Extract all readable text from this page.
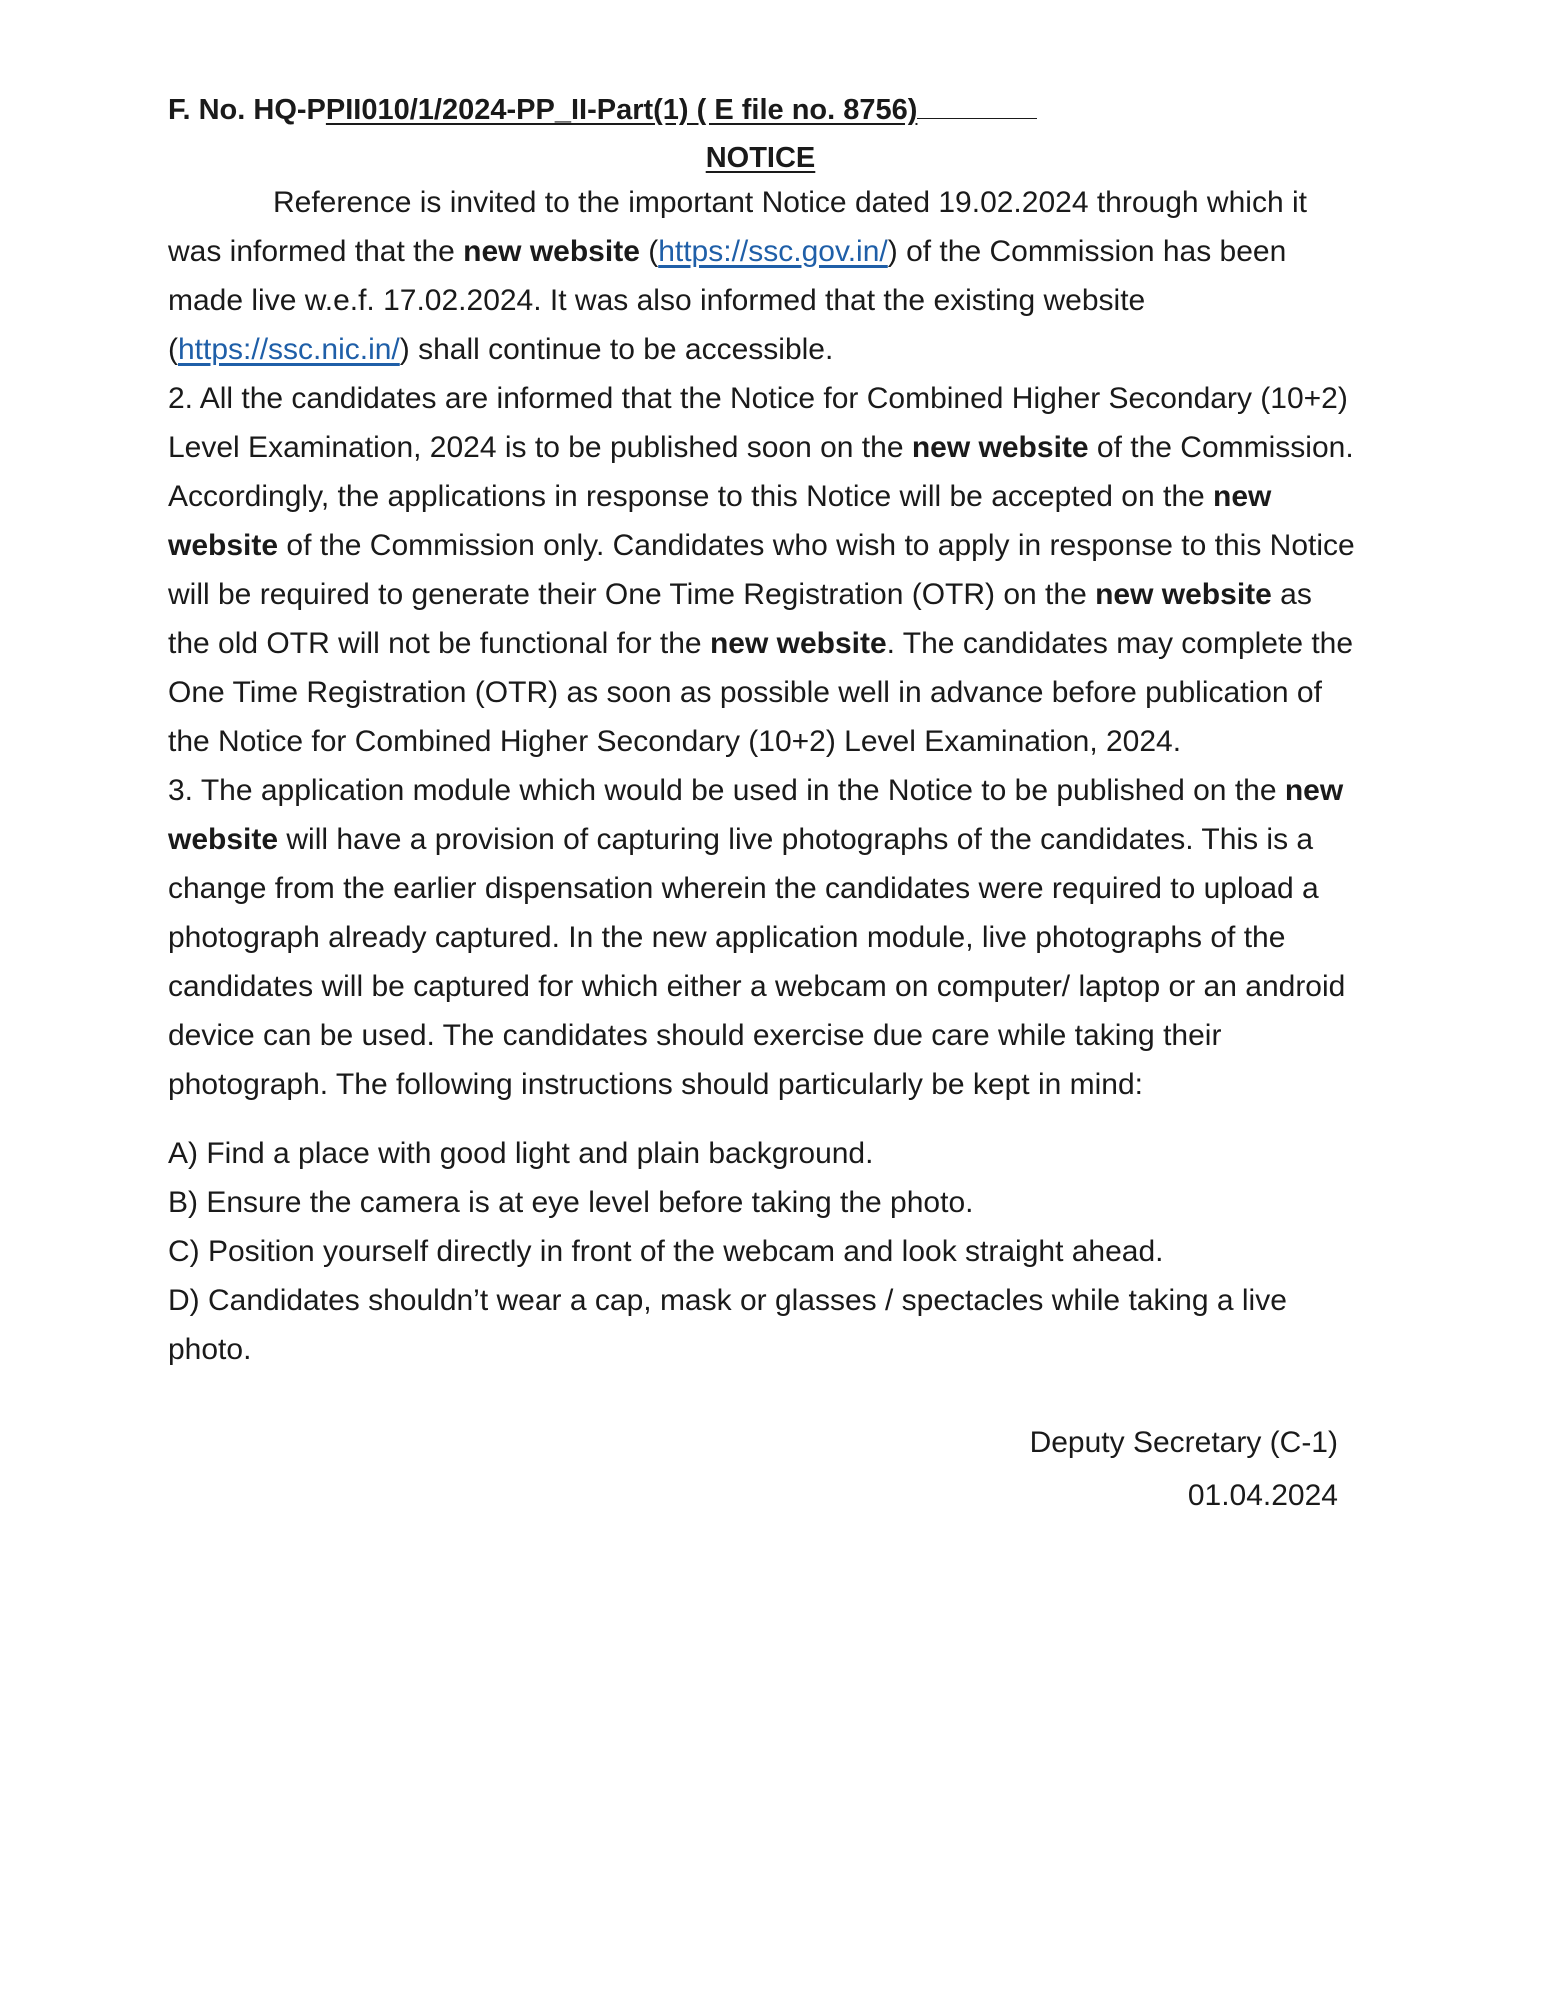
F. No. HQ-PPII010/1/2024-PP_II-Part(1) ( E file no. 8756)
NOTICE

Reference is invited to the important Notice dated 19.02.2024 through which it was informed that the new website (https://ssc.gov.in/) of the Commission has been made live w.e.f. 17.02.2024. It was also informed that the existing website (https://ssc.nic.in/) shall continue to be accessible.

2. All the candidates are informed that the Notice for Combined Higher Secondary (10+2) Level Examination, 2024 is to be published soon on the new website of the Commission. Accordingly, the applications in response to this Notice will be accepted on the new website of the Commission only. Candidates who wish to apply in response to this Notice will be required to generate their One Time Registration (OTR) on the new website as the old OTR will not be functional for the new website. The candidates may complete the One Time Registration (OTR) as soon as possible well in advance before publication of the Notice for Combined Higher Secondary (10+2) Level Examination, 2024.

3. The application module which would be used in the Notice to be published on the new website will have a provision of capturing live photographs of the candidates. This is a change from the earlier dispensation wherein the candidates were required to upload a photograph already captured. In the new application module, live photographs of the candidates will be captured for which either a webcam on computer/ laptop or an android device can be used. The candidates should exercise due care while taking their photograph. The following instructions should particularly be kept in mind:

A) Find a place with good light and plain background.

B) Ensure the camera is at eye level before taking the photo.

C) Position yourself directly in front of the webcam and look straight ahead.

D) Candidates shouldn’t wear a cap, mask or glasses / spectacles while taking a live photo.

Deputy Secretary (C-1)
01.04.2024
